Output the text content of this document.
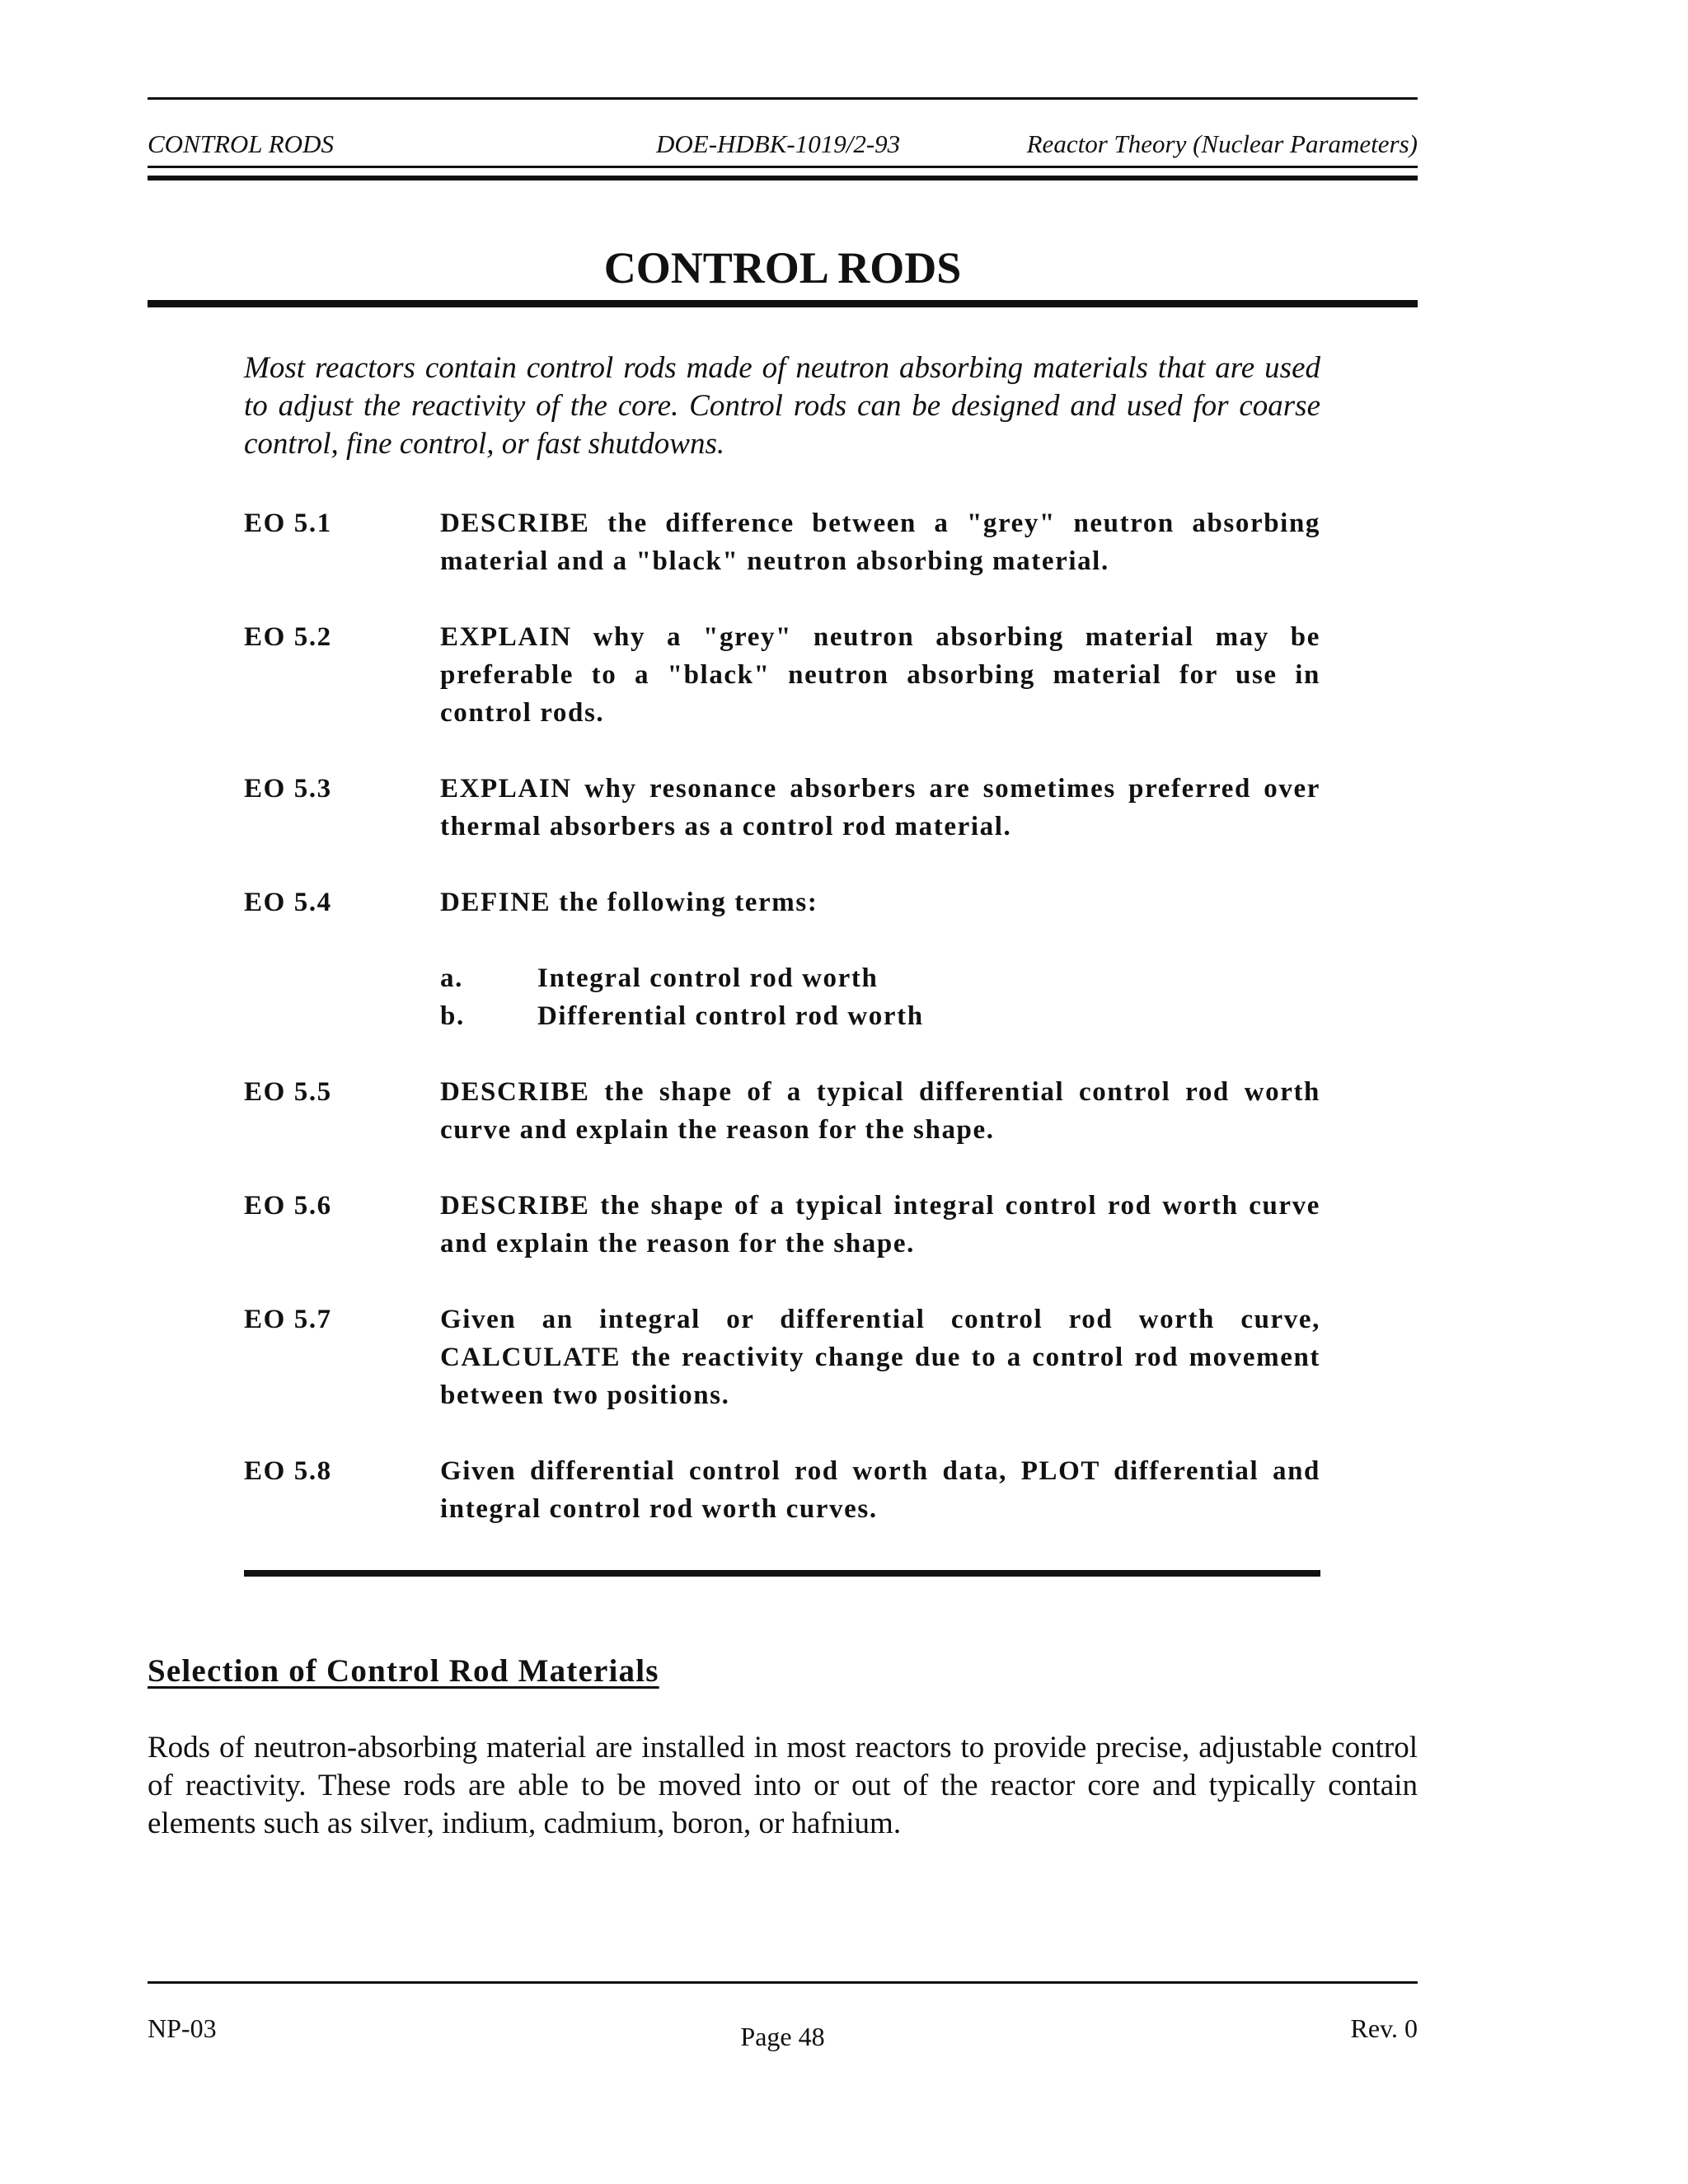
CONTROL RODS	DOE-HDBK-1019/2-93	Reactor Theory (Nuclear Parameters)
CONTROL RODS

Most reactors contain control rods made of neutron absorbing materials that are used to adjust the reactivity of the core. Control rods can be designed and used for coarse control, fine control, or fast shutdowns.

EO 5.1	DESCRIBE the difference between a "grey" neutron absorbing material and a "black" neutron absorbing material.

EO 5.2	EXPLAIN why a "grey" neutron absorbing material may be preferable to a "black" neutron absorbing material for use in control rods.

EO 5.3	EXPLAIN why resonance absorbers are sometimes preferred over thermal absorbers as a control rod material.

EO 5.4	DEFINE the following terms:

a.	Integral control rod worth
b.	Differential control rod worth
EO 5.5	DESCRIBE the shape of a typical differential control rod worth curve and explain the reason for the shape.

EO 5.6	DESCRIBE the shape of a typical integral control rod worth curve and explain the reason for the shape.

EO 5.7	Given an integral or differential control rod worth curve, CALCULATE the reactivity change due to a control rod movement between two positions.

EO 5.8	Given differential control rod worth data, PLOT differential and integral control rod worth curves.

Selection of Control Rod Materials

Rods of neutron-absorbing material are installed in most reactors to provide precise, adjustable control of reactivity. These rods are able to be moved into or out of the reactor core and typically contain elements such as silver, indium, cadmium, boron, or hafnium.

NP-03	Page 48	Rev. 0
